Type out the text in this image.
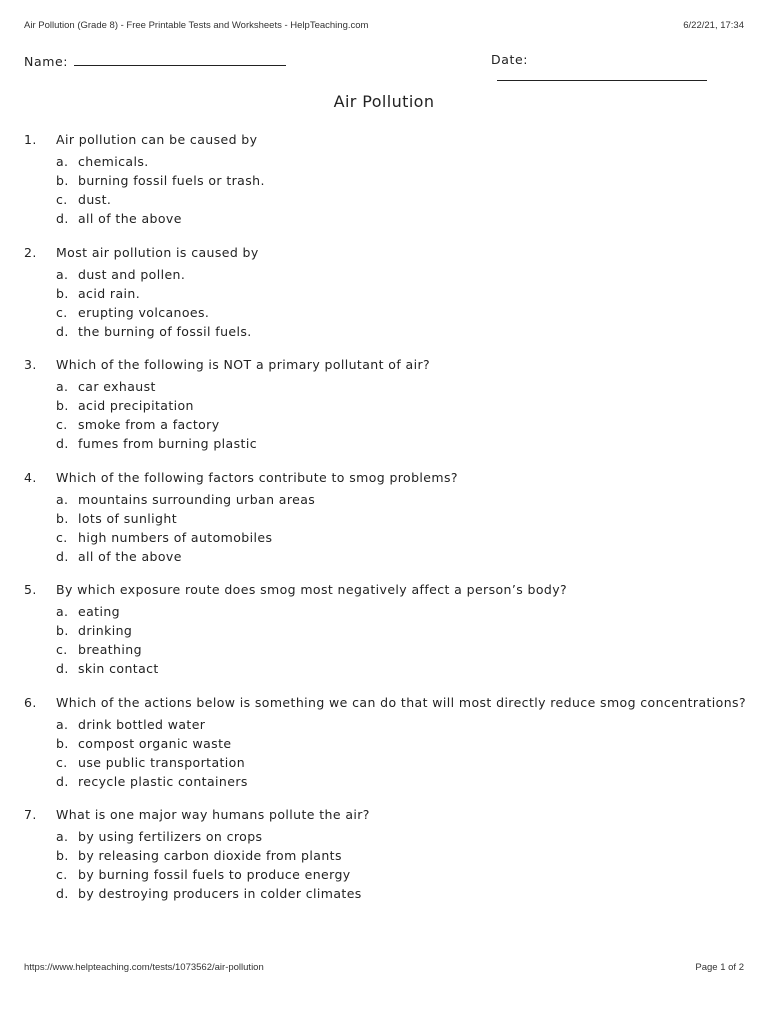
Air Pollution (Grade 8) - Free Printable Tests and Worksheets - HelpTeaching.com	6/22/21, 17:34
Name:	Date:
Air Pollution
1. Air pollution can be caused by
a. chemicals.
b. burning fossil fuels or trash.
c. dust.
d. all of the above
2. Most air pollution is caused by
a. dust and pollen.
b. acid rain.
c. erupting volcanoes.
d. the burning of fossil fuels.
3. Which of the following is NOT a primary pollutant of air?
a. car exhaust
b. acid precipitation
c. smoke from a factory
d. fumes from burning plastic
4. Which of the following factors contribute to smog problems?
a. mountains surrounding urban areas
b. lots of sunlight
c. high numbers of automobiles
d. all of the above
5. By which exposure route does smog most negatively affect a person’s body?
a. eating
b. drinking
c. breathing
d. skin contact
6. Which of the actions below is something we can do that will most directly reduce smog concentrations?
a. drink bottled water
b. compost organic waste
c. use public transportation
d. recycle plastic containers
7. What is one major way humans pollute the air?
a. by using fertilizers on crops
b. by releasing carbon dioxide from plants
c. by burning fossil fuels to produce energy
d. by destroying producers in colder climates
https://www.helpteaching.com/tests/1073562/air-pollution	Page 1 of 2
